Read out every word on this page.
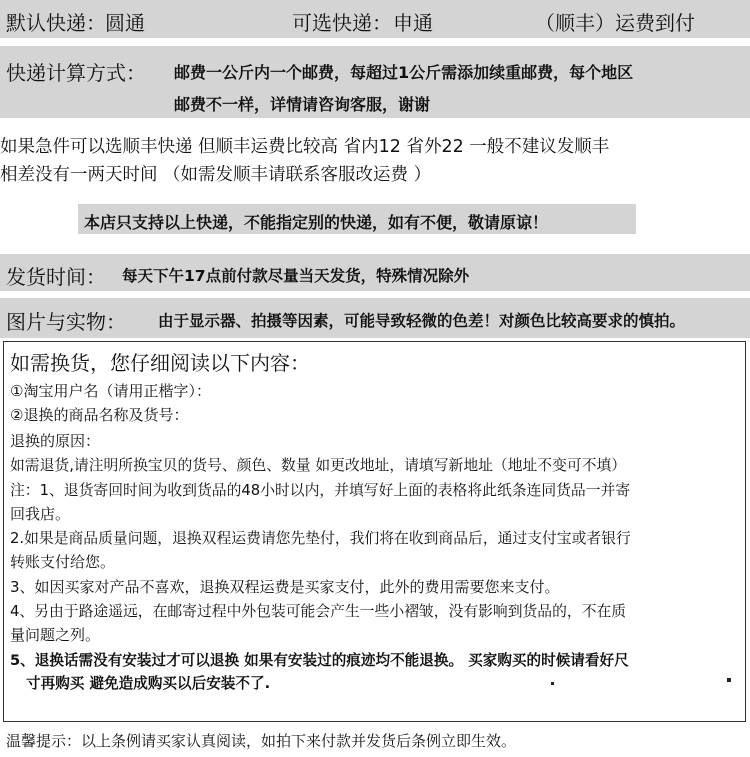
默认快递： 圆通	可选快递： 申通	（顺丰）运费到付
快递计算方式： 邮费一公斤内一个邮费，每超过1公斤需添加续重邮费，每个地区
邮费不一样，详情请咨询客服，谢谢
如果急件可以选顺丰快递 但顺丰运费比较高 省内12 省外22 一般不建议发顺丰
相差没有一两天时间 （如需发顺丰请联系客服改运费 ）
本店只支持以上快递，不能指定别的快递，如有不便，敬请原谅！
发货时间： 每天下午17点前付款尽量当天发货，特殊情况除外
图片与实物： 由于显示器、拍摄等因素，可能导致轻微的色差！对颜色比较高要求的慎拍。
如需换货，您仔细阅读以下内容：
①淘宝用户名（请用正楷字）：
②退换的商品名称及货号：
退换的原因：
如需退货,请注明所换宝贝的货号、颜色、数量 如更改地址，请填写新地址（地址不变可不填）
注：1、退货寄回时间为收到货品的48小时以内，并填写好上面的表格将此纸条连同货品一并寄
回我店。
2.如果是商品质量问题，退换双程运费请您先垫付，我们将在收到商品后，通过支付宝或者银行
转账支付给您。
3、如因买家对产品不喜欢，退换双程运费是买家支付，此外的费用需要您来支付。
4、另由于路途遥远，在邮寄过程中外包装可能会产生一些小褶皱，没有影响到货品的，不在质
量问题之列。
5、退换话需没有安装过才可以退换 如果有安装过的痕迹均不能退换。 买家购买的时候请看好尺
寸再购买 避免造成购买以后安装不了.
温馨提示：以上条例请买家认真阅读，如拍下来付款并发货后条例立即生效。
